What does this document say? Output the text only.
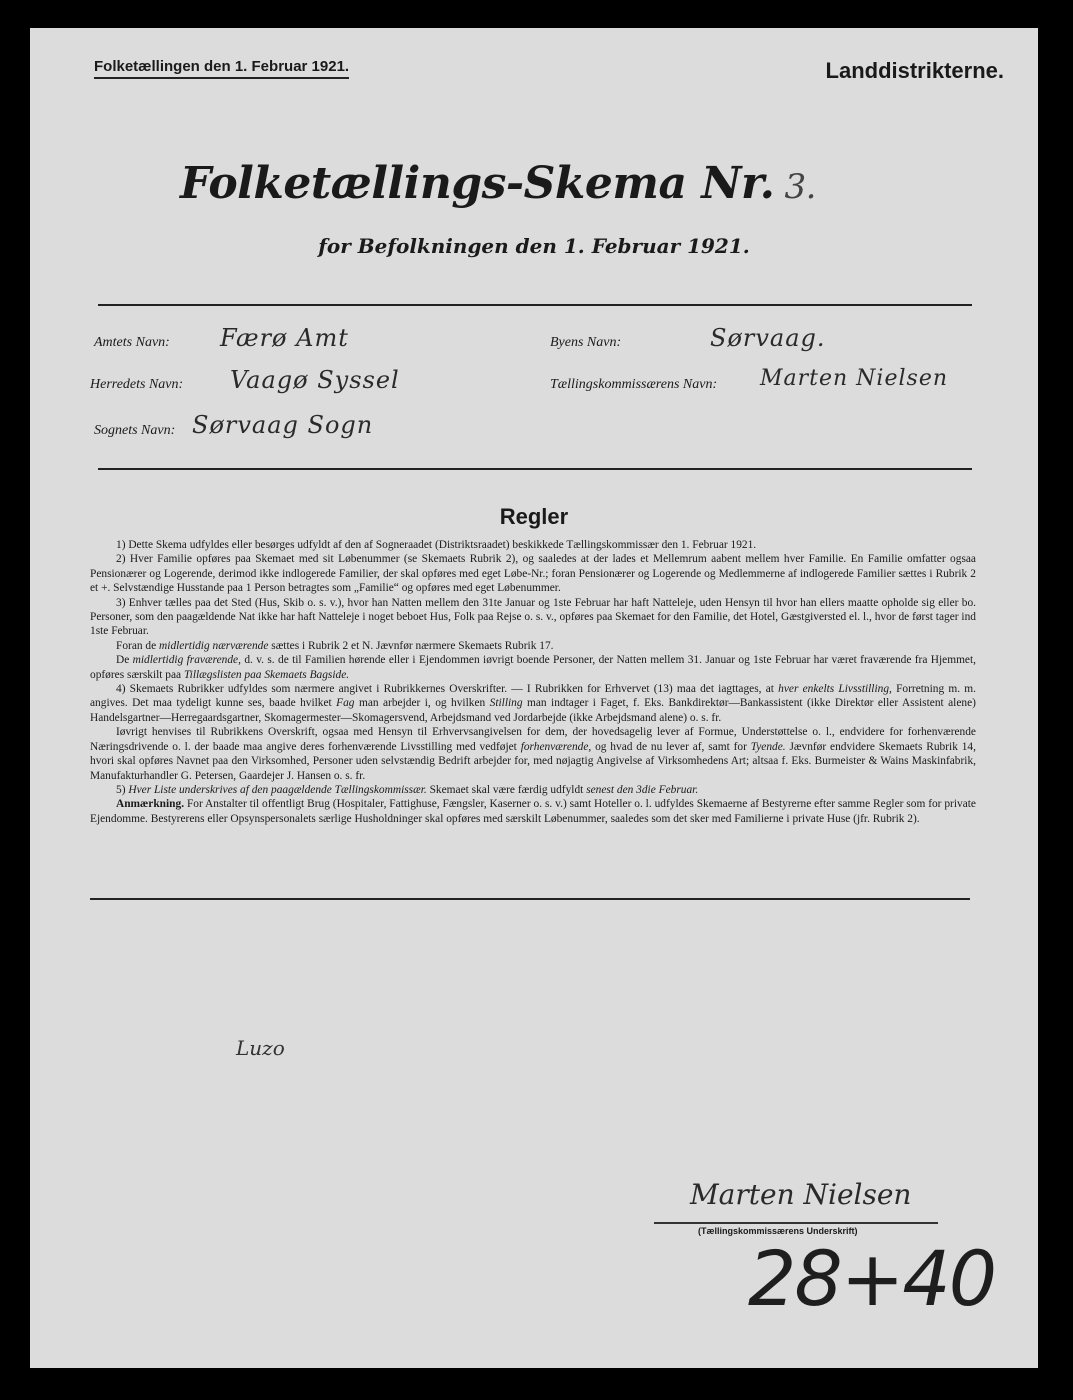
Folketællingen den 1. Februar 1921.	Landdistrikterne.
Folketællings-Skema Nr. 3.
for Befolkningen den 1. Februar 1921.
Amtets Navn: Færø Amt	Byens Navn:	Sørvaag.
Herredets Navn: Vaagø Syssel	Tællingskommissærens Navn: Marten Nielsen
Sognets Navn: Sørvaag Sogn
Regler

1) Dette Skema udfyldes eller besørges udfyldt af den af Sogneraadet (Distriktsraadet) beskikkede Tællingskommissær den 1. Februar 1921.

2) Hver Familie opføres paa Skemaet med sit Løbenummer (se Skemaets Rubrik 2), og saaledes at der lades et Mellemrum aabent mellem hver Familie. En Familie omfatter ogsaa Pensionærer og Logerende, derimod ikke indlogerede Familier, der skal opføres med eget Løbe-Nr.; foran Pensionærer og Logerende og Medlemmerne af indlogerede Familier sættes i Rubrik 2 et +. Selvstændige Husstande paa 1 Person betragtes som „Familie“ og opføres med eget Løbenummer.

3) Enhver tælles paa det Sted (Hus, Skib o. s. v.), hvor han Natten mellem den 31te Januar og 1ste Februar har haft Natteleje, uden Hensyn til hvor han ellers maatte opholde sig eller bo. Personer, som den paagældende Nat ikke har haft Natteleje i noget beboet Hus, Folk paa Rejse o. s. v., opføres paa Skemaet for den Familie, det Hotel, Gæstgiversted el. l., hvor de først tager ind 1ste Februar.

Foran de midlertidig nærværende sættes i Rubrik 2 et N. Jævnfør nærmere Skemaets Rubrik 17.

De midlertidig fraværende, d. v. s. de til Familien hørende eller i Ejendommen iøvrigt boende Personer, der Natten mellem 31. Januar og 1ste Februar har været fraværende fra Hjemmet, opføres særskilt paa Tillægslisten paa Skemaets Bagside.

4) Skemaets Rubrikker udfyldes som nærmere angivet i Rubrikkernes Overskrifter. — I Rubrikken for Erhvervet (13) maa det iagttages, at hver enkelts Livsstilling, Forretning m. m. angives. Det maa tydeligt kunne ses, baade hvilket Fag man arbejder i, og hvilken Stilling man indtager i Faget, f. Eks. Bankdirektør—Bankassistent (ikke Direktør eller Assistent alene) Handelsgartner—Herregaardsgartner, Skomagermester—Skomagersvend, Arbejdsmand ved Jordarbejde (ikke Arbejdsmand alene) o. s. fr.

Iøvrigt henvises til Rubrikkens Overskrift, ogsaa med Hensyn til Erhvervsangivelsen for dem, der hovedsagelig lever af Formue, Understøttelse o. l., endvidere for forhenværende Næringsdrivende o. l. der baade maa angive deres forhenværende Livsstilling med vedføjet forhenværende, og hvad de nu lever af, samt for Tyende. Jævnfør endvidere Skemaets Rubrik 14, hvori skal opføres Navnet paa den Virksomhed, Personer uden selvstændig Bedrift arbejder for, med nøjagtig Angivelse af Virksomhedens Art; altsaa f. Eks. Burmeister & Wains Maskinfabrik, Manufakturhandler G. Petersen, Gaardejer J. Hansen o. s. fr.

5) Hver Liste underskrives af den paagældende Tællingskommissær. Skemaet skal være færdig udfyldt senest den 3die Februar.

Anmærkning. For Anstalter til offentligt Brug (Hospitaler, Fattighuse, Fængsler, Kaserner o. s. v.) samt Hoteller o. l. udfyldes Skemaerne af Bestyrerne efter samme Regler som for private Ejendomme. Bestyrerens eller Opsynspersonalets særlige Husholdninger skal opføres med særskilt Løbenummer, saaledes som det sker med Familierne i private Huse (jfr. Rubrik 2).

Luzo
Marten Nielsen
(Tællingskommissærens Underskrift)
28+40
